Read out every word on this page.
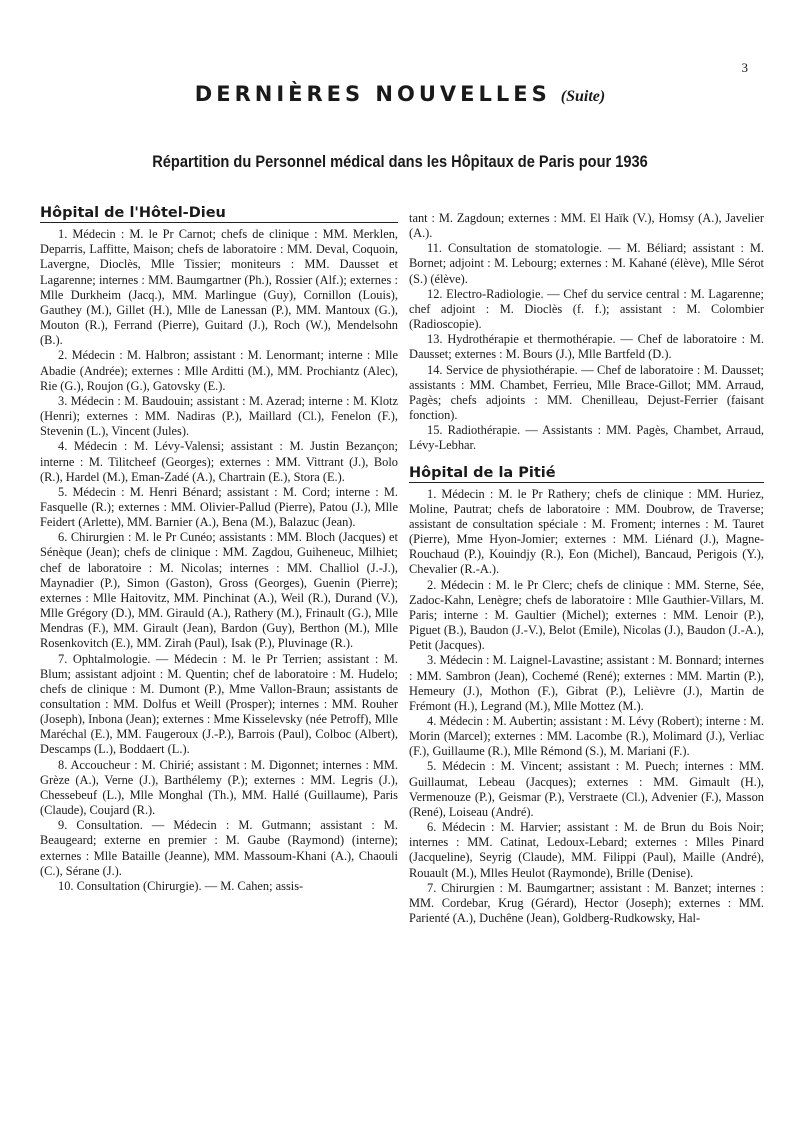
3
DERNIÈRES NOUVELLES (Suite)
Répartition du Personnel médical dans les Hôpitaux de Paris pour 1936
Hôpital de l'Hôtel-Dieu

1. Médecin : M. le Pr Carnot; chefs de clinique : MM. Merklen, Deparris, Laffitte, Maison; chefs de laboratoire : MM. Deval, Coquoin, Lavergne, Dioclès, Mlle Tissier; moniteurs : MM. Dausset et Lagarenne; internes : MM. Baumgartner (Ph.), Rossier (Alf.); externes : Mlle Durkheim (Jacq.), MM. Marlingue (Guy), Cornillon (Louis), Gauthey (M.), Gillet (H.), Mlle de Lanessan (P.), MM. Mantoux (G.), Mouton (R.), Ferrand (Pierre), Guitard (J.), Roch (W.), Mendelsohn (B.).

2. Médecin : M. Halbron; assistant : M. Lenormant; interne : Mlle Abadie (Andrée); externes : Mlle Arditti (M.), MM. Prochiantz (Alec), Rie (G.), Roujon (G.), Gatovsky (E.).

3. Médecin : M. Baudouin; assistant : M. Azerad; interne : M. Klotz (Henri); externes : MM. Nadiras (P.), Maillard (Cl.), Fenelon (F.), Stevenin (L.), Vincent (Jules).

4. Médecin : M. Lévy-Valensi; assistant : M. Justin Bezançon; interne : M. Tilitcheef (Georges); externes : MM. Vittrant (J.), Bolo (R.), Hardel (M.), Eman-Zadé (A.), Chartrain (E.), Stora (E.).

5. Médecin : M. Henri Bénard; assistant : M. Cord; interne : M. Fasquelle (R.); externes : MM. Olivier-Pallud (Pierre), Patou (J.), Mlle Feidert (Arlette), MM. Barnier (A.), Bena (M.), Balazuc (Jean).

6. Chirurgien : M. le Pr Cunéo; assistants : MM. Bloch (Jacques) et Sénèque (Jean); chefs de clinique : MM. Zagdou, Guiheneuc, Milhiet; chef de laboratoire : M. Nicolas; internes : MM. Challiol (J.-J.), Maynadier (P.), Simon (Gaston), Gross (Georges), Guenin (Pierre); externes : Mlle Haitovitz, MM. Pinchinat (A.), Weil (R.), Durand (V.), Mlle Grégory (D.), MM. Girauld (A.), Rathery (M.), Frinault (G.), Mlle Mendras (F.), MM. Girault (Jean), Bardon (Guy), Berthon (M.), Mlle Rosenkovitch (E.), MM. Zirah (Paul), Isak (P.), Pluvinage (R.).

7. Ophtalmologie. — Médecin : M. le Pr Terrien; assistant : M. Blum; assistant adjoint : M. Quentin; chef de laboratoire : M. Hudelo; chefs de clinique : M. Dumont (P.), Mme Vallon-Braun; assistants de consultation : MM. Dolfus et Weill (Prosper); internes : MM. Rouher (Joseph), Inbona (Jean); externes : Mme Kisselevsky (née Petroff), Mlle Maréchal (E.), MM. Faugeroux (J.-P.), Barrois (Paul), Colboc (Albert), Descamps (L.), Boddaert (L.).

8. Accoucheur : M. Chirié; assistant : M. Digonnet; internes : MM. Grèze (A.), Verne (J.), Barthélemy (P.); externes : MM. Legris (J.), Chessebeuf (L.), Mlle Monghal (Th.), MM. Hallé (Guillaume), Paris (Claude), Coujard (R.).

9. Consultation. — Médecin : M. Gutmann; assistant : M. Beaugeard; externe en premier : M. Gaube (Raymond) (interne); externes : Mlle Bataille (Jeanne), MM. Massoum-Khani (A.), Chaouli (C.), Sérane (J.).

10. Consultation (Chirurgie). — M. Cahen; assis-

tant : M. Zagdoun; externes : MM. El Haïk (V.), Homsy (A.), Javelier (A.).

11. Consultation de stomatologie. — M. Béliard; assistant : M. Bornet; adjoint : M. Lebourg; externes : M. Kahané (élève), Mlle Sérot (S.) (élève).

12. Electro-Radiologie. — Chef du service central : M. Lagarenne; chef adjoint : M. Dioclès (f. f.); assistant : M. Colombier (Radioscopie).

13. Hydrothérapie et thermothérapie. — Chef de laboratoire : M. Dausset; externes : M. Bours (J.), Mlle Bartfeld (D.).

14. Service de physiothérapie. — Chef de laboratoire : M. Dausset; assistants : MM. Chambet, Ferrieu, Mlle Brace-Gillot; MM. Arraud, Pagès; chefs adjoints : MM. Chenilleau, Dejust-Ferrier (faisant fonction).

15. Radiothérapie. — Assistants : MM. Pagès, Chambet, Arraud, Lévy-Lebhar.

Hôpital de la Pitié

1. Médecin : M. le Pr Rathery; chefs de clinique : MM. Huriez, Moline, Pautrat; chefs de laboratoire : MM. Doubrow, de Traverse; assistant de consultation spéciale : M. Froment; internes : M. Tauret (Pierre), Mme Hyon-Jomier; externes : MM. Liénard (J.), Magne-Rouchaud (P.), Kouindjy (R.), Eon (Michel), Bancaud, Perigois (Y.), Chevalier (R.-A.).

2. Médecin : M. le Pr Clerc; chefs de clinique : MM. Sterne, Sée, Zadoc-Kahn, Lenègre; chefs de laboratoire : Mlle Gauthier-Villars, M. Paris; interne : M. Gaultier (Michel); externes : MM. Lenoir (P.), Piguet (B.), Baudon (J.-V.), Belot (Emile), Nicolas (J.), Baudon (J.-A.), Petit (Jacques).

3. Médecin : M. Laignel-Lavastine; assistant : M. Bonnard; internes : MM. Sambron (Jean), Cochemé (René); externes : MM. Martin (P.), Hemeury (J.), Mothon (F.), Gibrat (P.), Lelièvre (J.), Martin de Frémont (H.), Legrand (M.), Mlle Mottez (M.).

4. Médecin : M. Aubertin; assistant : M. Lévy (Robert); interne : M. Morin (Marcel); externes : MM. Lacombe (R.), Molimard (J.), Verliac (F.), Guillaume (R.), Mlle Rémond (S.), M. Mariani (F.).

5. Médecin : M. Vincent; assistant : M. Puech; internes : MM. Guillaumat, Lebeau (Jacques); externes : MM. Gimault (H.), Vermenouze (P.), Geismar (P.), Verstraete (Cl.), Advenier (F.), Masson (René), Loiseau (André).

6. Médecin : M. Harvier; assistant : M. de Brun du Bois Noir; internes : MM. Catinat, Ledoux-Lebard; externes : Mlles Pinard (Jacqueline), Seyrig (Claude), MM. Filippi (Paul), Maille (André), Rouault (M.), Mlles Heulot (Raymonde), Brille (Denise).

7. Chirurgien : M. Baumgartner; assistant : M. Banzet; internes : MM. Cordebar, Krug (Gérard), Hector (Joseph); externes : MM. Parienté (A.), Duchêne (Jean), Goldberg-Rudkowsky, Hal-
